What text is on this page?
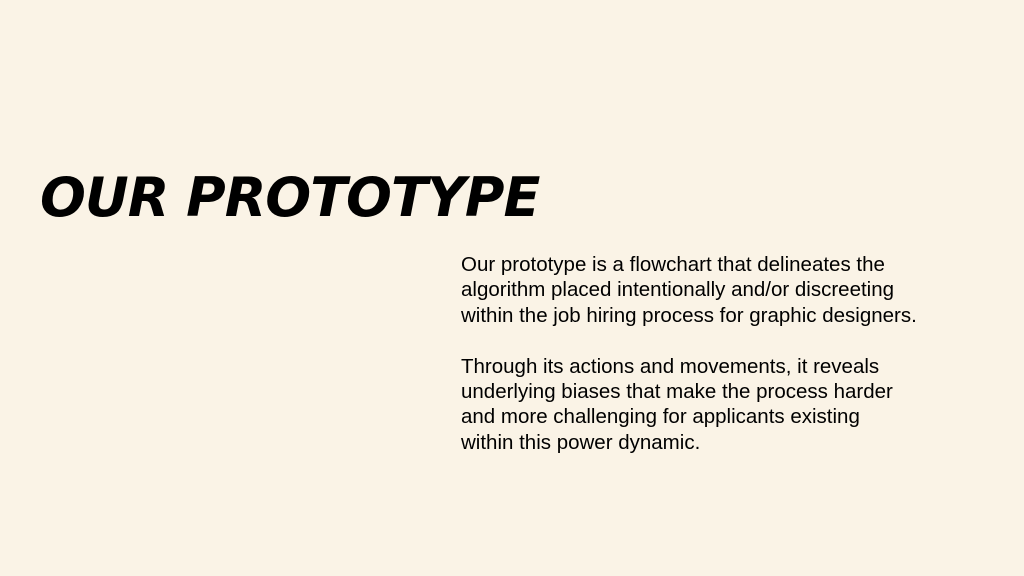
OUR PROTOTYPE

Our prototype is a flowchart that delineates the
algorithm placed intentionally and/or discreeting
within the job hiring process for graphic designers.

Through its actions and movements, it reveals
underlying biases that make the process harder
and more challenging for applicants existing
within this power dynamic.
